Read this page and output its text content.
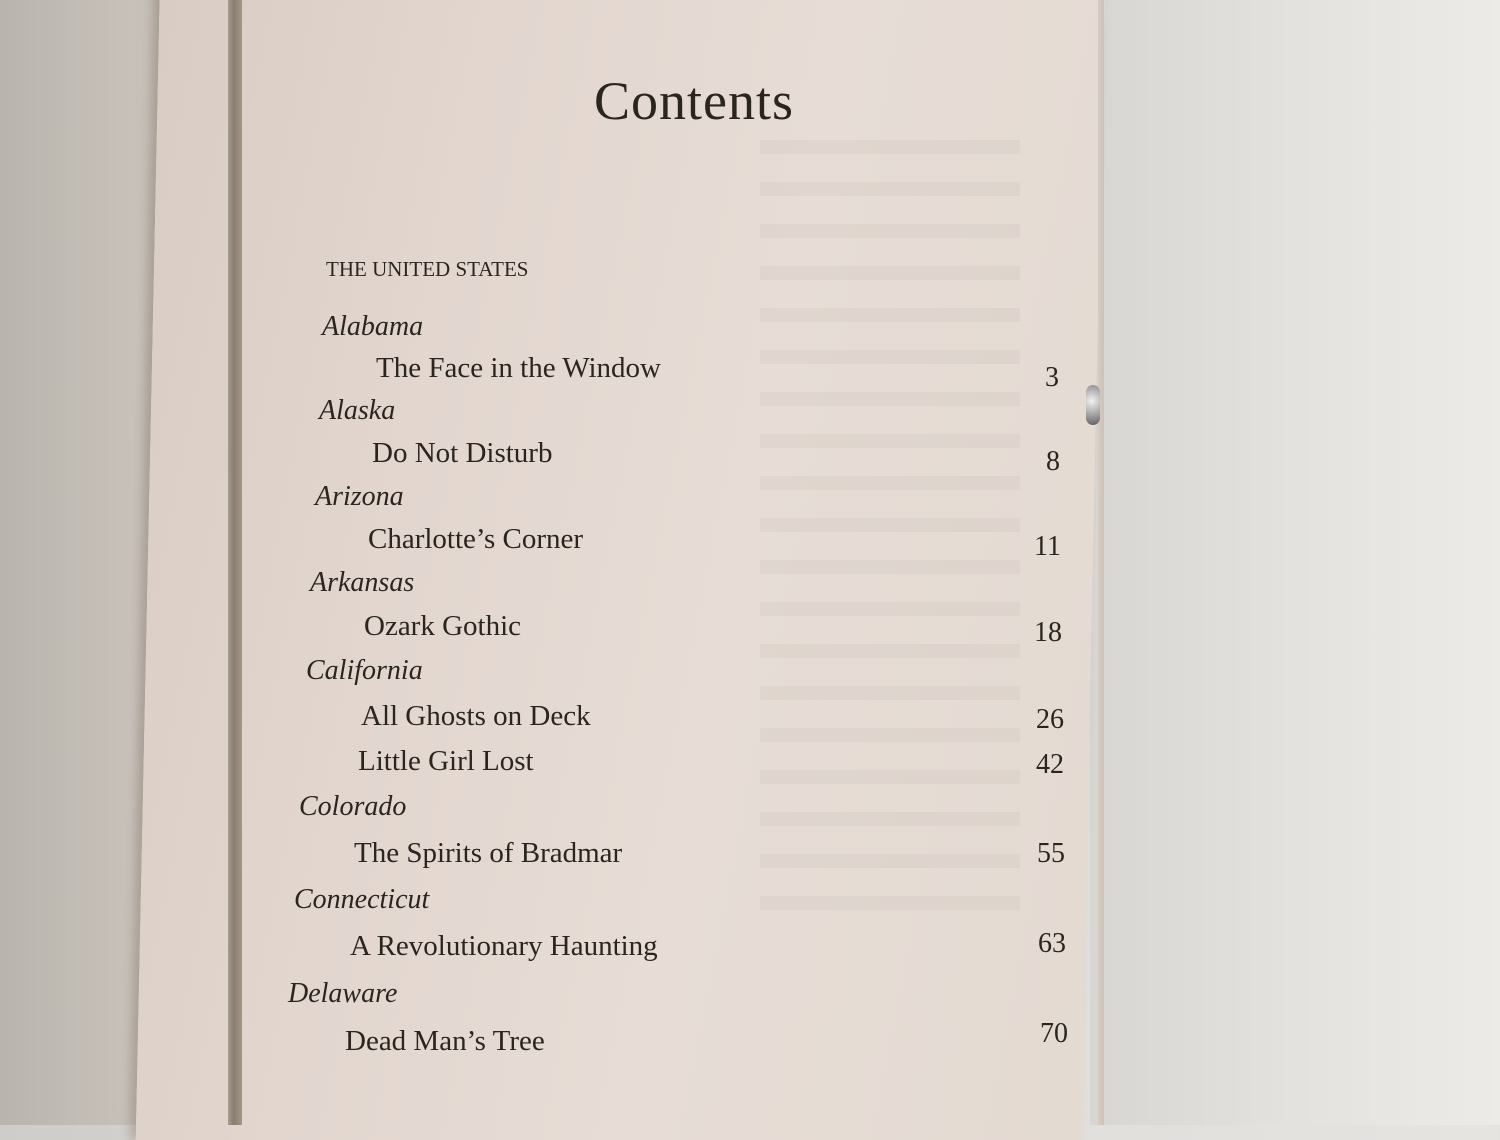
Contents
THE UNITED STATES
Alabama
The Face in the Window	3
Alaska
Do Not Disturb	8
Arizona
Charlotte’s Corner	11
Arkansas
Ozark Gothic	18
California
All Ghosts on Deck	26
Little Girl Lost	42
Colorado
The Spirits of Bradmar	55
Connecticut
A Revolutionary Haunting	63
Delaware
Dead Man’s Tree	70
